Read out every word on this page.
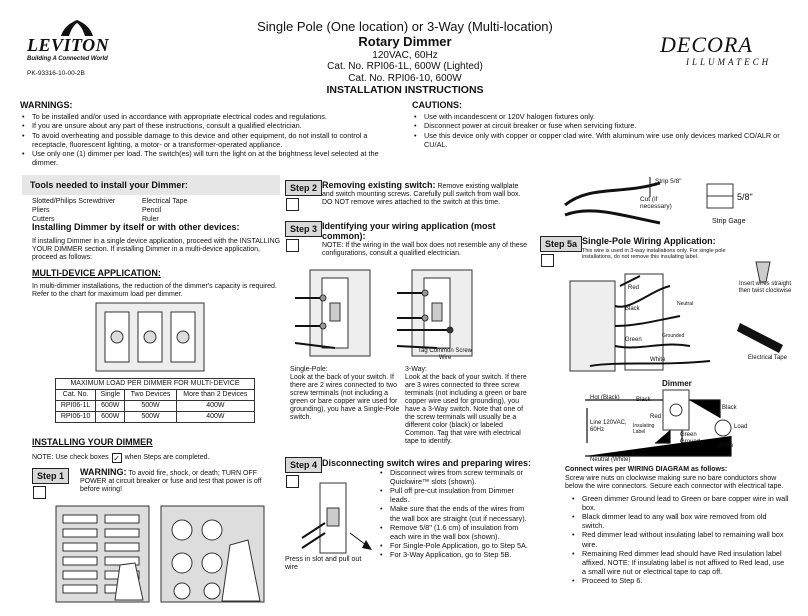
LEVITON
Building A Connected World
PK-93316-10-00-2B
Single Pole (One location) or 3-Way (Multi-location)
Rotary Dimmer
120VAC, 60Hz
Cat. No. RPI06-1L, 600W (Lighted)
Cat. No. RPI06-10, 600W
INSTALLATION INSTRUCTIONS
DECORA
ILLUMATECH
WARNINGS:
• To be installed and/or used in accordance with appropriate electrical codes and regulations.
• If you are unsure about any part of these instructions, consult a qualified electrician.
• To avoid overheating and possible damage to this device and other equipment, do not install to control a receptacle, fluorescent lighting, a motor- or a transformer-operated appliance.
• Use only one (1) dimmer per load. The switch(es) will turn the light on at the brightness level selected at the dimmer.
CAUTIONS:
• Use with incandescent or 120V halogen fixtures only.
• Disconnect power at circuit breaker or fuse when servicing fixture.
• Use this device only with copper or copper clad wire. With aluminum wire use only devices marked CO/ALR or CU/AL.
Tools needed to install your Dimmer:
Slotted/Philips Screwdriver
Pliers
Cutters
Electrical Tape
Pencil
Ruler
Installing Dimmer by itself or with other devices:
If installing Dimmer in a single device application, proceed with the INSTALLING YOUR DIMMER section. If installing Dimmer in a multi-device application, proceed as follows:
MULTI-DEVICE APPLICATION:
In multi-dimmer installations, the reduction of the dimmer's capacity is required. Refer to the chart for maximum load per dimmer.
MAXIMUM LOAD PER DIMMER FOR MULTI-DEVICE			
Cat. No.	Single	Two Devices	More than 2 Devices
RPI06-1L	600W	500W	400W
RPI06-10	600W	500W	400W
INSTALLING YOUR DIMMER
NOTE: Use check boxes ✓ when Steps are completed.
Step 1	WARNING: To avoid fire, shock, or death; TURN OFF POWER at circuit breaker or fuse and test that power is off before wiring!
Step 2 Removing existing switch: Remove existing wallplate and switch mounting screws. Carefully pull switch from wall box. DO NOT remove wires attached to the switch at this time.
Step 3 Identifying your wiring application (most common):
NOTE: If the wiring in the wall box does not resemble any of these configurations, consult a qualified electrician.
Tag Common Screw Wire
Single-Pole:
Look at the back of your switch. If there are 2 wires connected to two screw terminals (not including a green or bare copper wire used for grounding), you have a Single-Pole switch.
3-Way:
Look at the back of your switch. If there are 3 wires connected to three screw terminals (not including a green or bare copper wire used for grounding), you have a 3-Way switch. Note that one of the screw terminals will usually be a different color (black) or labeled Common. Tag that wire with electrical tape to identify.
Step 4 Disconnecting switch wires and preparing wires:
Press in slot and pull out wire
• Disconnect wires from screw terminals or Quickwire™ slots (shown).
• Pull off pre-cut insulation from Dimmer leads.
• Make sure that the ends of the wires from the wall box are straight (cut if necessary).
• Remove 5/8" (1.6 cm) of insulation from each wire in the wall box (shown).
• For Single-Pole Application, go to Step 5A.
• For 3-Way Application, go to Step 5B.
Strip 5/8"
Cut (if necessary)
5/8"
Strip Gage
Step 5a Single-Pole Wiring Application:
This wire is used in 3-way installations only. For single pole installations, do not remove this insulating label.
Red
Black
Green
Neutral
Grounded
White
Insert wires straight then twist clockwise
Electrical Tape
Dimmer
Hot (Black)	Black
Red
Line 120VAC, 60Hz
Insulating Label
Green Ground
Load
White
Neutral (White)
Black
Connect wires per WIRING DIAGRAM as follows:
Screw wire nuts on clockwise making sure no bare conductors show below the wire connectors. Secure each connector with electrical tape.
• Green dimmer Ground lead to Green or bare copper wire in wall box.
• Black dimmer lead to any wall box wire removed from old switch.
• Red dimmer lead without insulating label to remaining wall box wire.
• Remaining Red dimmer lead should have Red insulation label affixed. NOTE: If insulating label is not affixed to Red lead, use a small wire nut or electrical tape to cap off.
• Proceed to Step 6.
